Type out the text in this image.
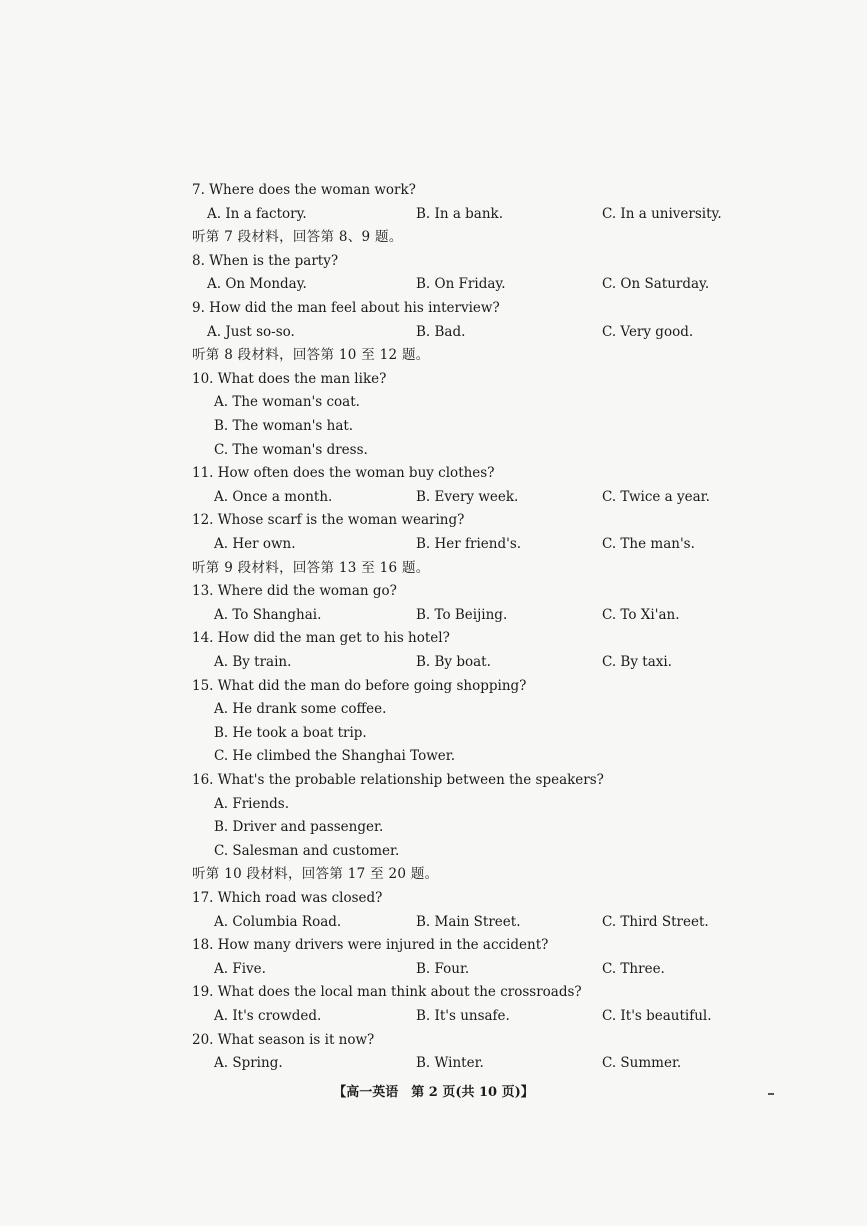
7. Where does the woman work?
A. In a factory.	B. In a bank.	C. In a university.
听第 7 段材料，回答第 8、9 题。
8. When is the party?
A. On Monday.	B. On Friday.	C. On Saturday.
9. How did the man feel about his interview?
A. Just so-so.	B. Bad.	C. Very good.
听第 8 段材料，回答第 10 至 12 题。
10. What does the man like?
A. The woman's coat.
B. The woman's hat.
C. The woman's dress.
11. How often does the woman buy clothes?
A. Once a month.	B. Every week.	C. Twice a year.
12. Whose scarf is the woman wearing?
A. Her own.	B. Her friend's.	C. The man's.
听第 9 段材料，回答第 13 至 16 题。
13. Where did the woman go?
A. To Shanghai.	B. To Beijing.	C. To Xi'an.
14. How did the man get to his hotel?
A. By train.	B. By boat.	C. By taxi.
15. What did the man do before going shopping?
A. He drank some coffee.
B. He took a boat trip.
C. He climbed the Shanghai Tower.
16. What's the probable relationship between the speakers?
A. Friends.
B. Driver and passenger.
C. Salesman and customer.
听第 10 段材料，回答第 17 至 20 题。
17. Which road was closed?
A. Columbia Road.	B. Main Street.	C. Third Street.
18. How many drivers were injured in the accident?
A. Five.	B. Four.	C. Three.
19. What does the local man think about the crossroads?
A. It's crowded.	B. It's unsafe.	C. It's beautiful.
20. What season is it now?
A. Spring.	B. Winter.	C. Summer.
【高一英语　第 2 页(共 10 页)】
